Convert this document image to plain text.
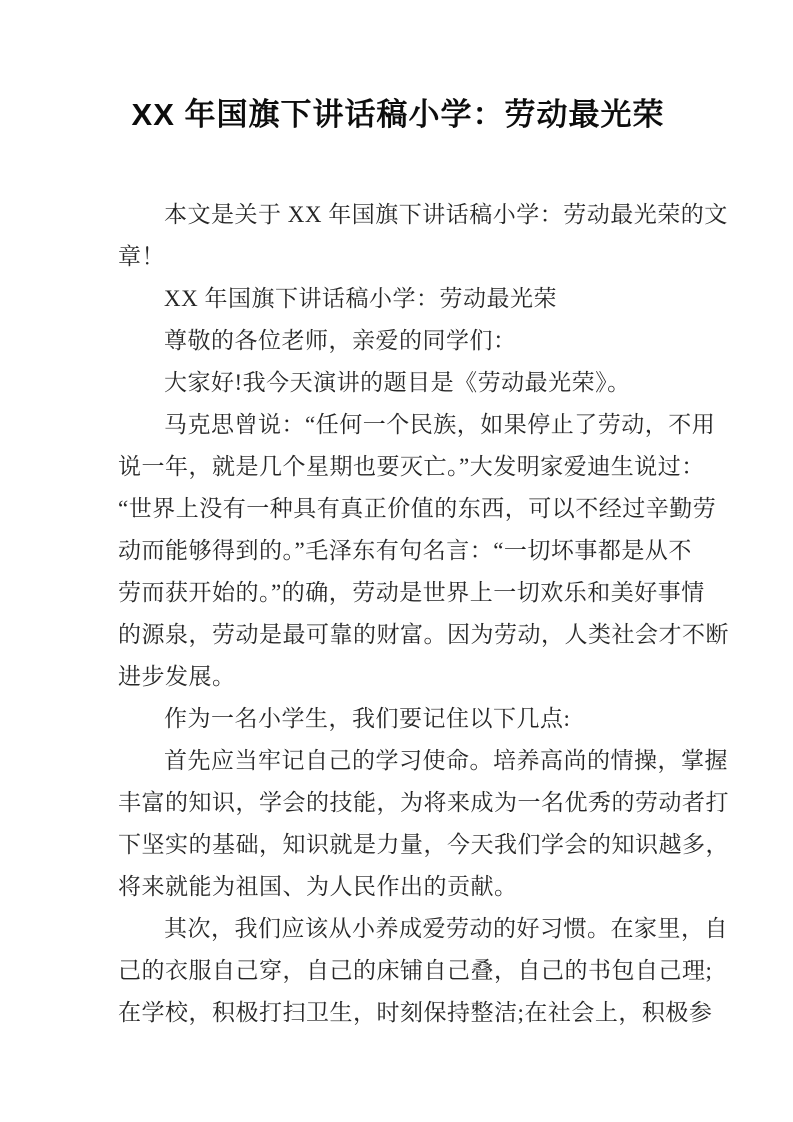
XX 年国旗下讲话稿小学：劳动最光荣
本文是关于 XX 年国旗下讲话稿小学：劳动最光荣的文
章！
XX 年国旗下讲话稿小学：劳动最光荣
尊敬的各位老师，亲爱的同学们：
大家好!我今天演讲的题目是《劳动最光荣》。
马克思曾说：“任何一个民族，如果停止了劳动，不用
说一年，就是几个星期也要灭亡。”大发明家爱迪生说过：
“世界上没有一种具有真正价值的东西，可以不经过辛勤劳
动而能够得到的。”毛泽东有句名言：“一切坏事都是从不
劳而获开始的。”的确，劳动是世界上一切欢乐和美好事情
的源泉，劳动是最可靠的财富。因为劳动，人类社会才不断
进步发展。
作为一名小学生，我们要记住以下几点:
首先应当牢记自己的学习使命。培养高尚的情操，掌握
丰富的知识，学会的技能，为将来成为一名优秀的劳动者打
下坚实的基础，知识就是力量，今天我们学会的知识越多，
将来就能为祖国、为人民作出的贡献。
其次，我们应该从小养成爱劳动的好习惯。在家里，自
己的衣服自己穿，自己的床铺自己叠，自己的书包自己理;
在学校，积极打扫卫生，时刻保持整洁;在社会上，积极参
